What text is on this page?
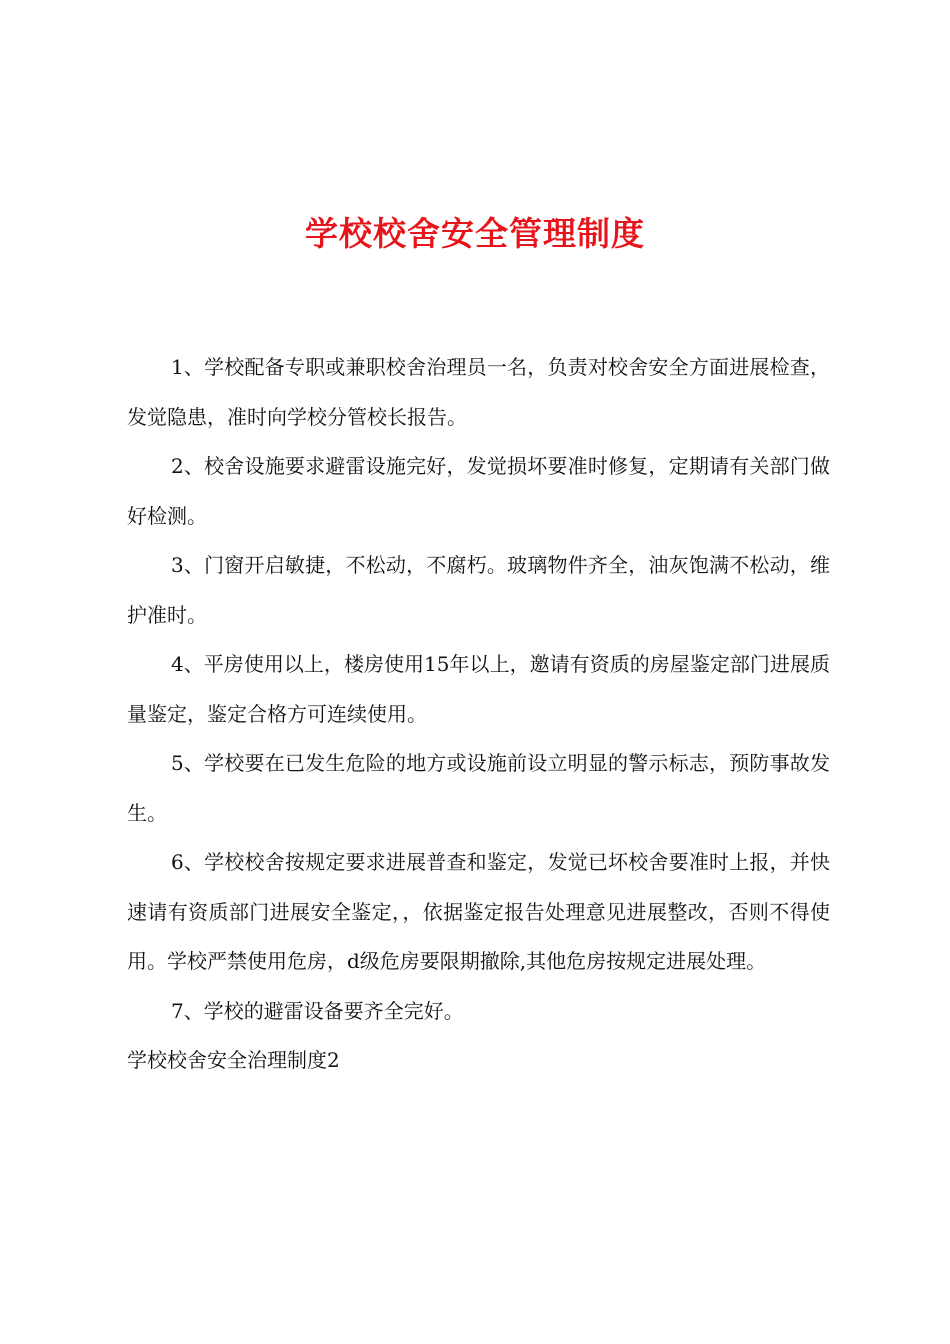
学校校舍安全管理制度

1、学校配备专职或兼职校舍治理员一名，负责对校舍安全方面进展检查，发觉隐患，准时向学校分管校长报告。

2、校舍设施要求避雷设施完好，发觉损坏要准时修复，定期请有关部门做好检测。

3、门窗开启敏捷，不松动，不腐朽。玻璃物件齐全，油灰饱满不松动，维护准时。

4、平房使用以上，楼房使用15年以上，邀请有资质的房屋鉴定部门进展质量鉴定，鉴定合格方可连续使用。

5、学校要在已发生危险的地方或设施前设立明显的警示标志，预防事故发生。

6、学校校舍按规定要求进展普查和鉴定，发觉已坏校舍要准时上报，并快速请有资质部门进展安全鉴定，，依据鉴定报告处理意见进展整改，否则不得使用。学校严禁使用危房，d级危房要限期撤除,其他危房按规定进展处理。

7、学校的避雷设备要齐全完好。

学校校舍安全治理制度2
